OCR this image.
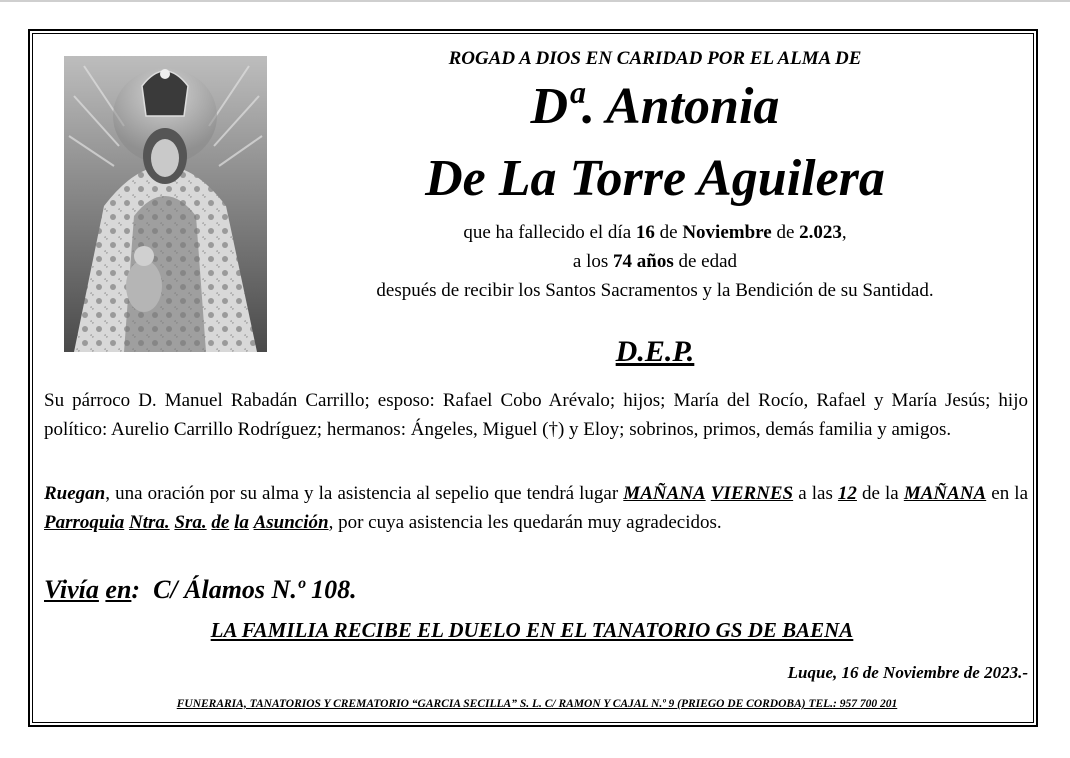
ROGAD A DIOS EN CARIDAD POR EL ALMA DE
Dª. Antonia
De La Torre Aguilera
que ha fallecido el día 16 de Noviembre de 2.023,
a los 74 años de edad
después de recibir los Santos Sacramentos y la Bendición de su Santidad.
D.E.P.
Su párroco D. Manuel Rabadán Carrillo; esposo: Rafael Cobo Arévalo; hijos; María del Rocío, Rafael y María Jesús; hijo político: Aurelio Carrillo Rodríguez; hermanos: Ángeles, Miguel (†) y Eloy; sobrinos, primos, demás familia y amigos.
Ruegan, una oración por su alma y la asistencia al sepelio que tendrá lugar MAÑANA VIERNES a las 12 de la MAÑANA en la Parroquia Ntra. Sra. de la Asunción, por cuya asistencia les quedarán muy agradecidos.
Vivía en: C/ Álamos N.º 108.
LA FAMILIA RECIBE EL DUELO EN EL TANATORIO GS DE BAENA
Luque, 16 de Noviembre de 2023.-
FUNERARIA, TANATORIOS Y CREMATORIO “GARCIA SECILLA” S. L. C/ RAMON Y CAJAL N.º 9 (PRIEGO DE CORDOBA) TEL.: 957 700 201
